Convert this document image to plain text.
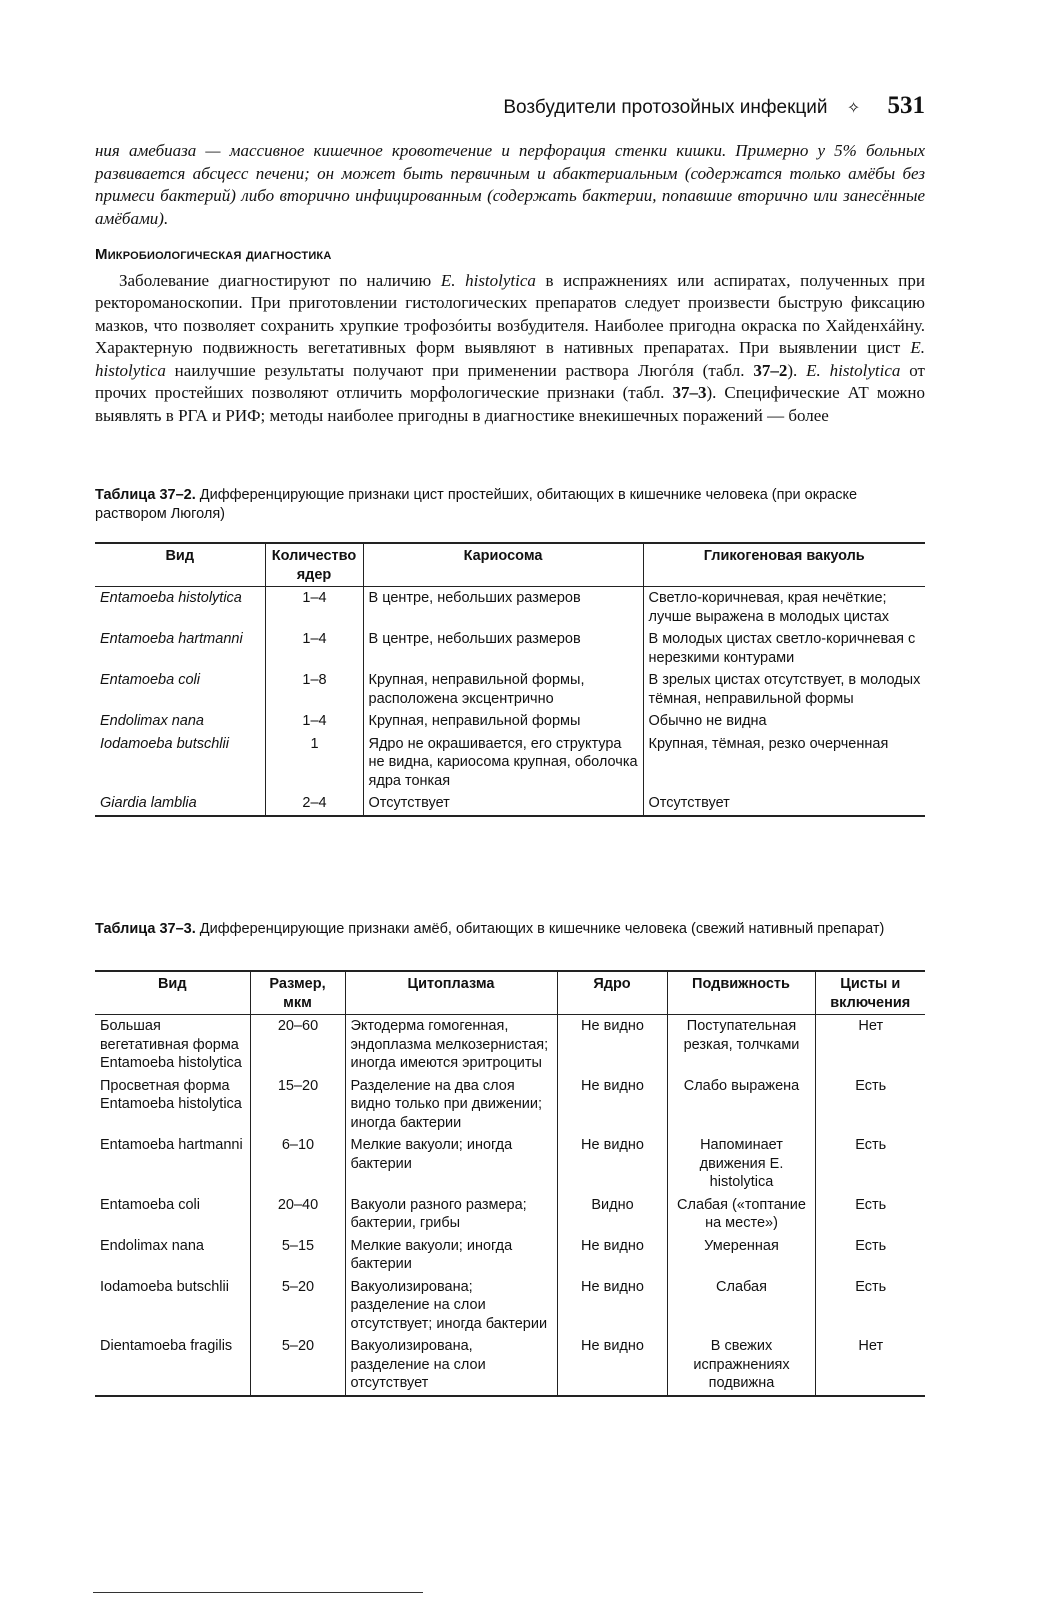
Возбудители протозойных инфекций ✧ 531

ния амебиаза — массивное кишечное кровотечение и перфорация стенки кишки. Примерно у 5% больных развивается абсцесс печени; он может быть первичным и абактериальным (содержатся только амёбы без примеси бактерий) либо вторично инфицированным (содержать бактерии, попавшие вторично или занесённые амёбами).

Микробиологическая диагностика

Заболевание диагностируют по наличию E. histolytica в испражнениях или аспиратах, полученных при ректороманоскопии. При приготовлении гистологических препаратов следует произвести быструю фиксацию мазков, что позволяет сохранить хрупкие трофозóиты возбудителя. Наиболее пригодна окраска по Хайденхáйну. Характерную подвижность вегетативных форм выявляют в нативных препаратах. При выявлении цист E. histolytica наилучшие результаты получают при применении раствора Люгóля (табл. 37–2). E. histolytica от прочих простейших позволяют отличить морфологические признаки (табл. 37–3). Специфические АТ можно выявлять в РГА и РИФ; методы наиболее пригодны в диагностике внекишечных поражений — более

Таблица 37–2. Дифференцирующие признаки цист простейших, обитающих в кишечнике человека (при окраске раствором Люголя)
Вид	Количество ядер	Кариосома	Гликогеновая вакуоль
Entamoeba histolytica	1–4	В центре, небольших размеров	Светло-коричневая, края нечёткие; лучше выражена в молодых цистах
Entamoeba hartmanni	1–4	В центре, небольших размеров	В молодых цистах светло-коричневая с нерезкими контурами
Entamoeba coli	1–8	Крупная, неправильной формы, расположена эксцентрично	В зрелых цистах отсутствует, в молодых тёмная, неправильной формы
Endolimax nana	1–4	Крупная, неправильной формы	Обычно не видна
Iodamoeba butschlii	1	Ядро не окрашивается, его структура не видна, кариосома крупная, оболочка ядра тонкая	Крупная, тёмная, резко очерченная
Giardia lamblia	2–4	Отсутствует	Отсутствует
Таблица 37–3. Дифференцирующие признаки амёб, обитающих в кишечнике человека (свежий нативный препарат)
Вид	Размер, мкм	Цитоплазма	Ядро	Подвижность	Цисты и включения
Большая вегетативная форма Entamoeba histolytica	20–60	Эктодерма гомогенная, эндоплазма мелкозернистая; иногда имеются эритроциты	Не видно	Поступательная резкая, толчками	Нет
Просветная форма Entamoeba histolytica	15–20	Разделение на два слоя видно только при движении; иногда бактерии	Не видно	Слабо выражена	Есть
Entamoeba hartmanni	6–10	Мелкие вакуоли; иногда бактерии	Не видно	Напоминает движения E. histolytica	Есть
Entamoeba coli	20–40	Вакуоли разного размера; бактерии, грибы	Видно	Слабая («топтание на месте»)	Есть
Endolimax nana	5–15	Мелкие вакуоли; иногда бактерии	Не видно	Умеренная	Есть
Iodamoeba butschlii	5–20	Вакуолизирована; разделение на слои отсутствует; иногда бактерии	Не видно	Слабая	Есть
Dientamoeba fragilis	5–20	Вакуолизирована, разделение на слои отсутствует	Не видно	В свежих испражнениях подвижна	Нет
